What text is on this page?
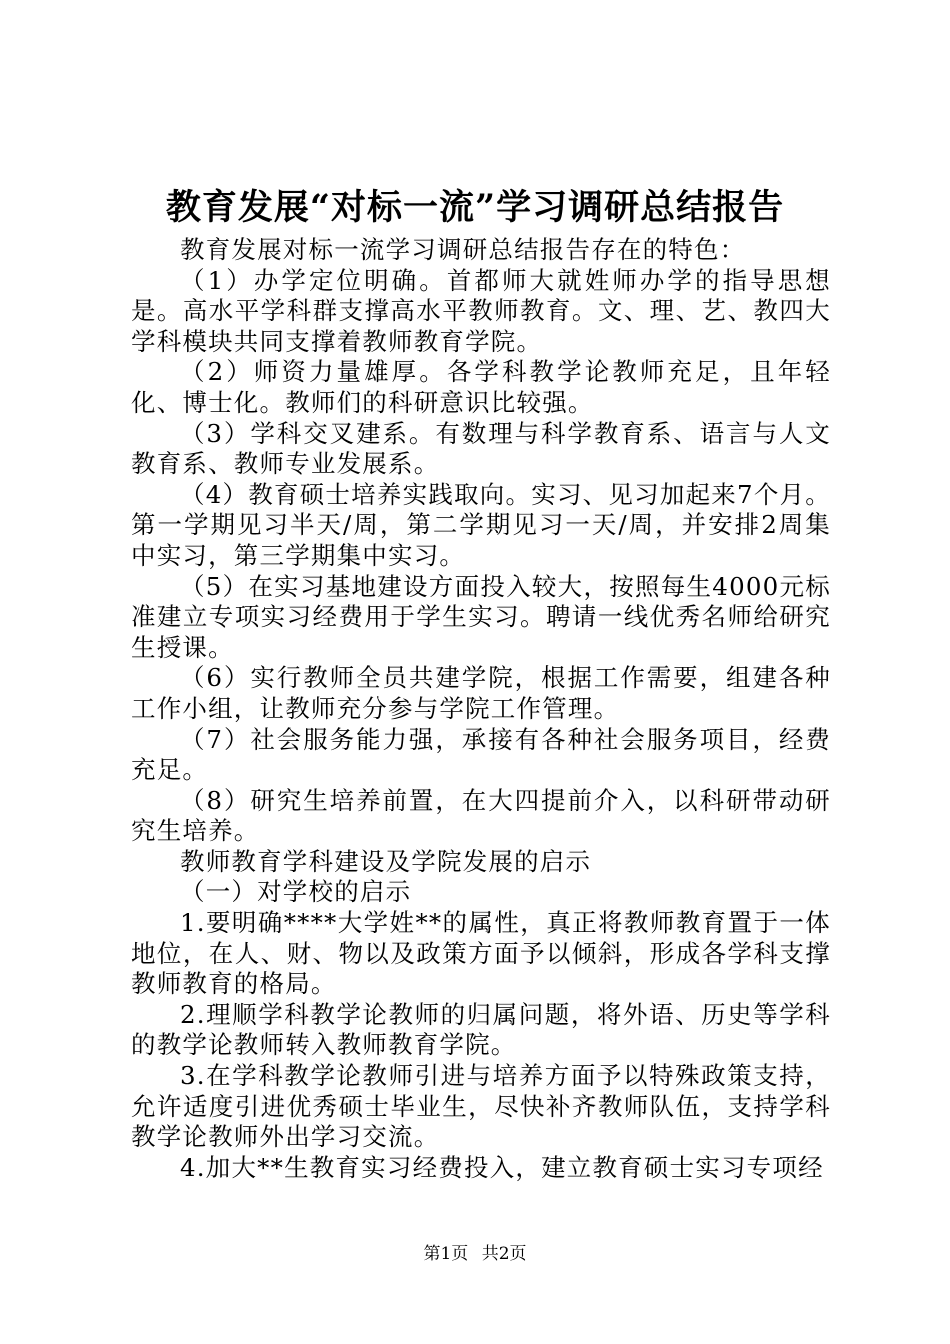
教育发展“对标一流”学习调研总结报告

教育发展对标一流学习调研总结报告存在的特色：

（1）办学定位明确。首都师大就姓师办学的指导思想是。高水平学科群支撑高水平教师教育。文、理、艺、教四大学科模块共同支撑着教师教育学院。

（2）师资力量雄厚。各学科教学论教师充足，且年轻化、博士化。教师们的科研意识比较强。

（3）学科交叉建系。有数理与科学教育系、语言与人文教育系、教师专业发展系。

（4）教育硕士培养实践取向。实习、见习加起来7个月。第一学期见习半天/周，第二学期见习一天/周，并安排2周集中实习，第三学期集中实习。

（5）在实习基地建设方面投入较大，按照每生4000元标准建立专项实习经费用于学生实习。聘请一线优秀名师给研究生授课。

（6）实行教师全员共建学院，根据工作需要，组建各种工作小组，让教师充分参与学院工作管理。

（7）社会服务能力强，承接有各种社会服务项目，经费充足。

（8）研究生培养前置，在大四提前介入，以科研带动研究生培养。

教师教育学科建设及学院发展的启示

（一）对学校的启示

1.要明确****大学姓**的属性，真正将教师教育置于一体地位，在人、财、物以及政策方面予以倾斜，形成各学科支撑教师教育的格局。

2.理顺学科教学论教师的归属问题，将外语、历史等学科的教学论教师转入教师教育学院。

3.在学科教学论教师引进与培养方面予以特殊政策支持，允许适度引进优秀硕士毕业生，尽快补齐教师队伍，支持学科教学论教师外出学习交流。

4.加大**生教育实习经费投入，建立教育硕士实习专项经

第1页 共2页
